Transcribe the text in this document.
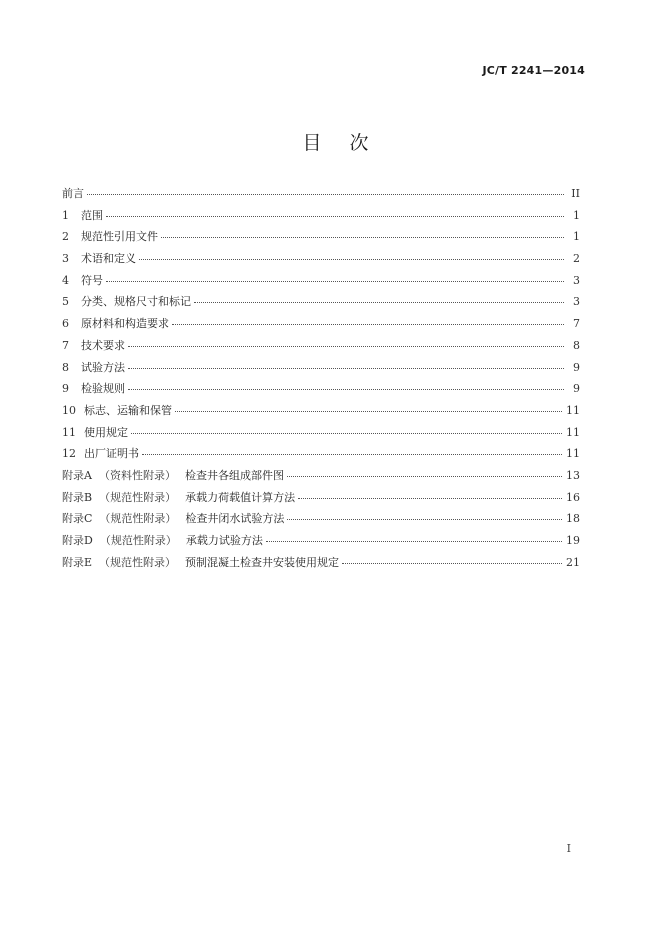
JC/T 2241—2014
目次
前言	II
1	范围	1
2	规范性引用文件	1
3	术语和定义	2
4	符号	3
5	分类、规格尺寸和标记	3
6	原材料和构造要求	7
7	技术要求	8
8	试验方法	9
9	检验规则	9
10 标志、运输和保管	11
11 使用规定	11
12 出厂证明书	11
附录A （资料性附录） 检查井各组成部件图	13
附录B （规范性附录） 承载力荷载值计算方法	16
附录C （规范性附录） 检查井闭水试验方法	18
附录D （规范性附录） 承载力试验方法	19
附录E （规范性附录） 预制混凝土检查井安装使用规定	21
I
